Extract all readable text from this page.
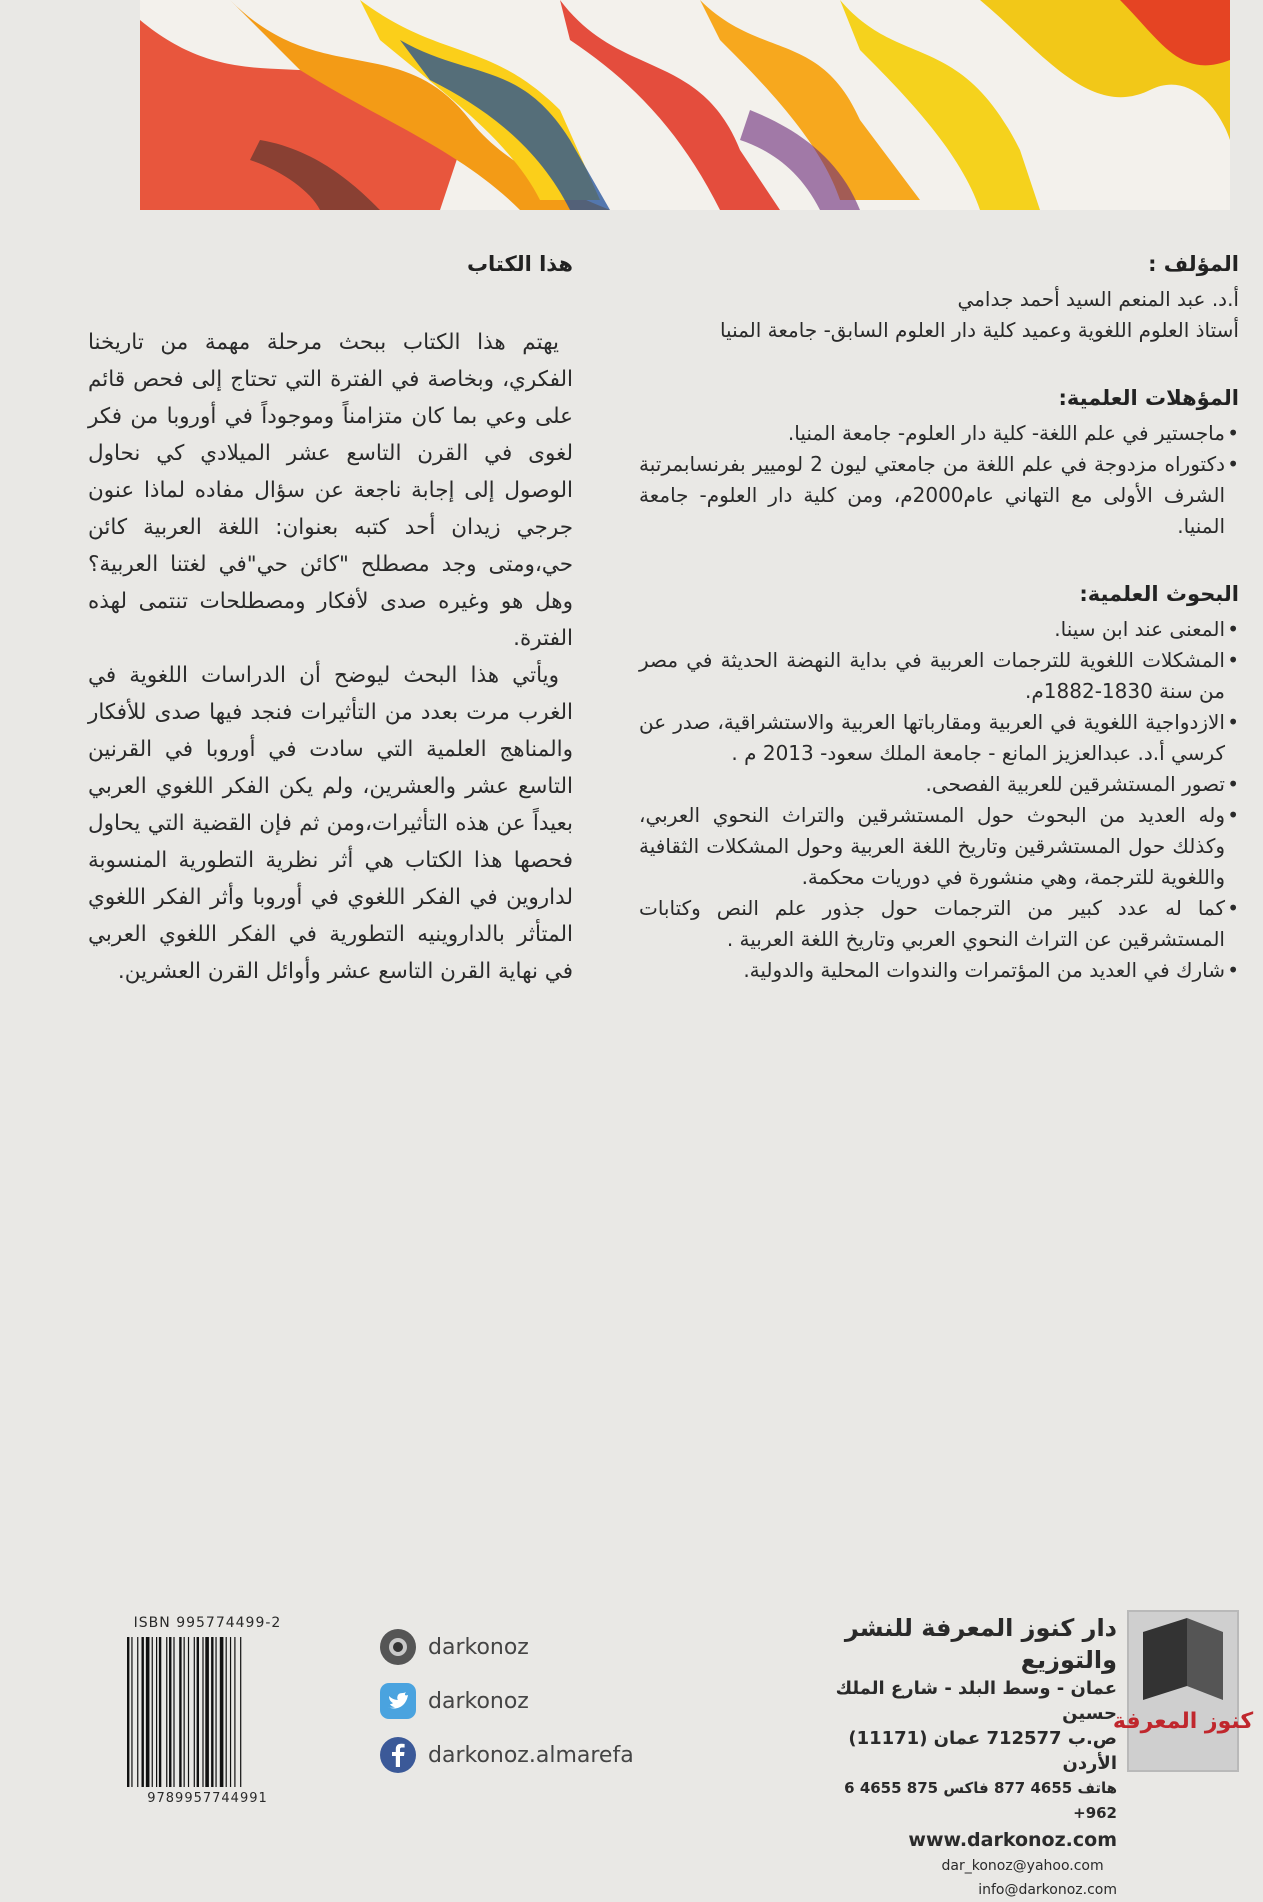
المؤلف :

أ.د. عبد المنعم السيد أحمد جدامي

أستاذ العلوم اللغوية وعميد كلية دار العلوم السابق- جامعة المنيا

المؤهلات العلمية:
• ماجستير في علم اللغة- كلية دار العلوم- جامعة المنيا.
• دكتوراه مزدوجة في علم اللغة من جامعتي ليون 2 لوميير بفرنسابمرتبة الشرف الأولى مع التهاني عام2000م، ومن كلية دار العلوم- جامعة المنيا.
البحوث العلمية:
• المعنى عند ابن سينا.
• المشكلات اللغوية للترجمات العربية في بداية النهضة الحديثة في مصر من سنة 1830-1882م.
• الازدواجية اللغوية في العربية ومقارباتها العربية والاستشراقية، صدر عن كرسي أ.د. عبدالعزيز المانع - جامعة الملك سعود- 2013 م .
• تصور المستشرقين للعربية الفصحى.
• وله العديد من البحوث حول المستشرقين والتراث النحوي العربي، وكذلك حول المستشرقين وتاريخ اللغة العربية وحول المشكلات الثقافية واللغوية للترجمة، وهي منشورة في دوريات محكمة.
• كما له عدد كبير من الترجمات حول جذور علم النص وكتابات المستشرقين عن التراث النحوي العربي وتاريخ اللغة العربية .
• شارك في العديد من المؤتمرات والندوات المحلية والدولية.
هذا الكتاب

يهتم هذا الكتاب ببحث مرحلة مهمة من تاريخنا الفكري، وبخاصة في الفترة التي تحتاج إلى فحص قائم على وعي بما كان متزامناً وموجوداً في أوروبا من فكر لغوى في القرن التاسع عشر الميلادي كي نحاول الوصول إلى إجابة ناجعة عن سؤال مفاده لماذا عنون جرجي زيدان أحد كتبه بعنوان: اللغة العربية كائن حي،ومتى وجد مصطلح "كائن حي"في لغتنا العربية؟ وهل هو وغيره صدى لأفكار ومصطلحات تنتمى لهذه الفترة.

ويأتي هذا البحث ليوضح أن الدراسات اللغوية في الغرب مرت بعدد من التأثيرات فنجد فيها صدى للأفكار والمناهج العلمية التي سادت في أوروبا في القرنين التاسع عشر والعشرين، ولم يكن الفكر اللغوي العربي بعيداً عن هذه التأثيرات،ومن ثم فإن القضية التي يحاول فحصها هذا الكتاب هي أثر نظرية التطورية المنسوبة لداروين في الفكر اللغوي في أوروبا وأثر الفكر اللغوي المتأثر بالداروينيه التطورية في الفكر اللغوي العربي في نهاية القرن التاسع عشر وأوائل القرن العشرين.

كنوز المعرفة
دار كنوز المعرفة للنشر والتوزيع
عمان - وسط البلد - شارع الملك حسين
ص.ب 712577 عمان (11171) الأردن
هاتف 4655 877 فاكس 875 4655 6 962+
www.darkonoz.com
dar_konoz@yahoo.com    info@darkonoz.com
darkonoz
darkonoz
darkonoz.almarefa
ISBN 995774499-2
9789957744991
